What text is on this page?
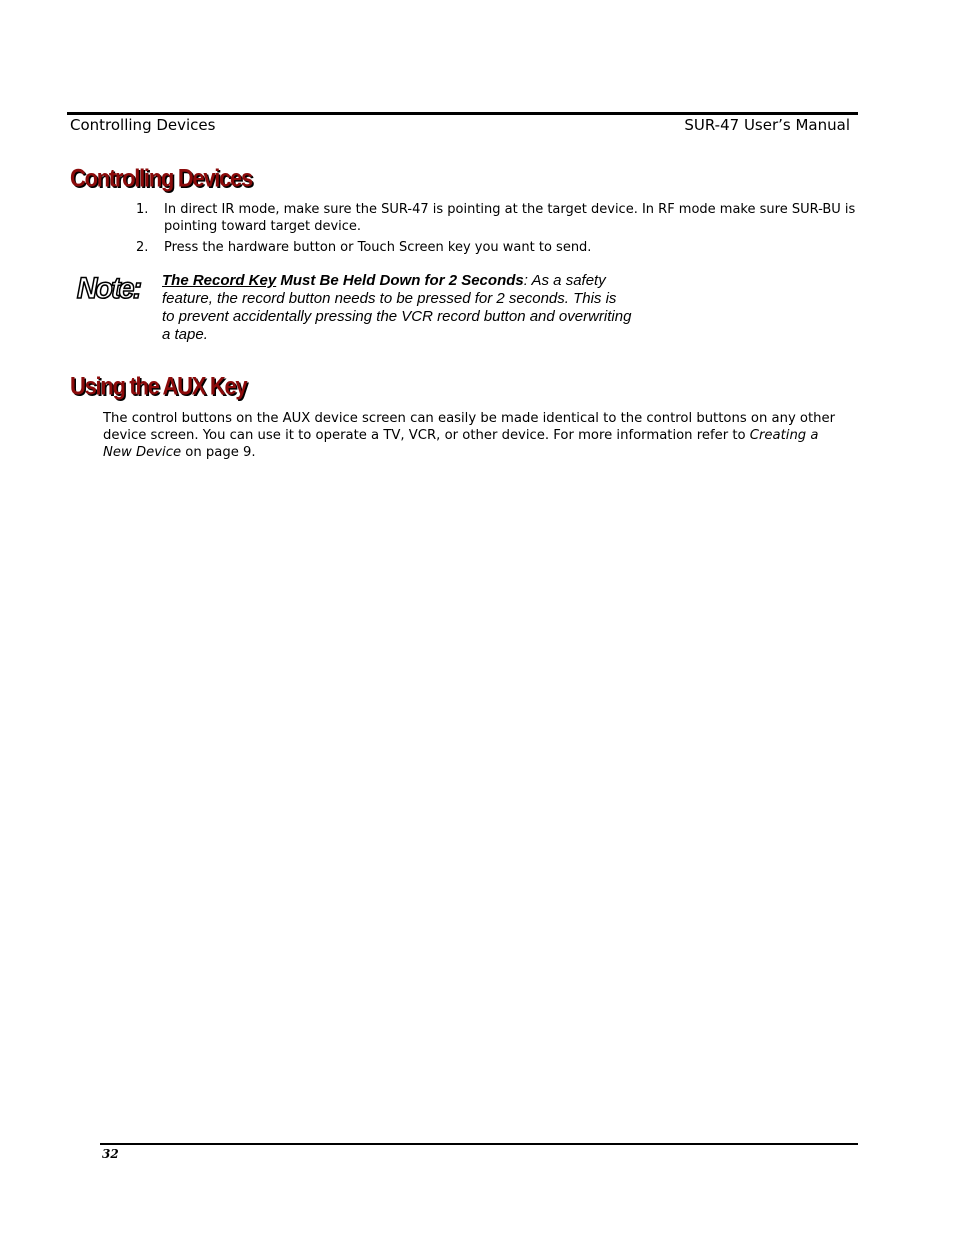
Controlling Devices	SUR-47 User’s Manual
Controlling Devices
1. In direct IR mode, make sure the SUR-47 is pointing at the target device. In RF mode make sure SUR-BU is pointing toward target device.
2. Press the hardware button or Touch Screen key you want to send.
Note: The Record Key Must Be Held Down for 2 Seconds: As a safety feature, the record button needs to be pressed for 2 seconds. This is to prevent accidentally pressing the VCR record button and overwriting a tape.
Using the AUX Key
The control buttons on the AUX device screen can easily be made identical to the control buttons on any other device screen. You can use it to operate a TV, VCR, or other device. For more information refer to Creating a New Device on page 9.
32
